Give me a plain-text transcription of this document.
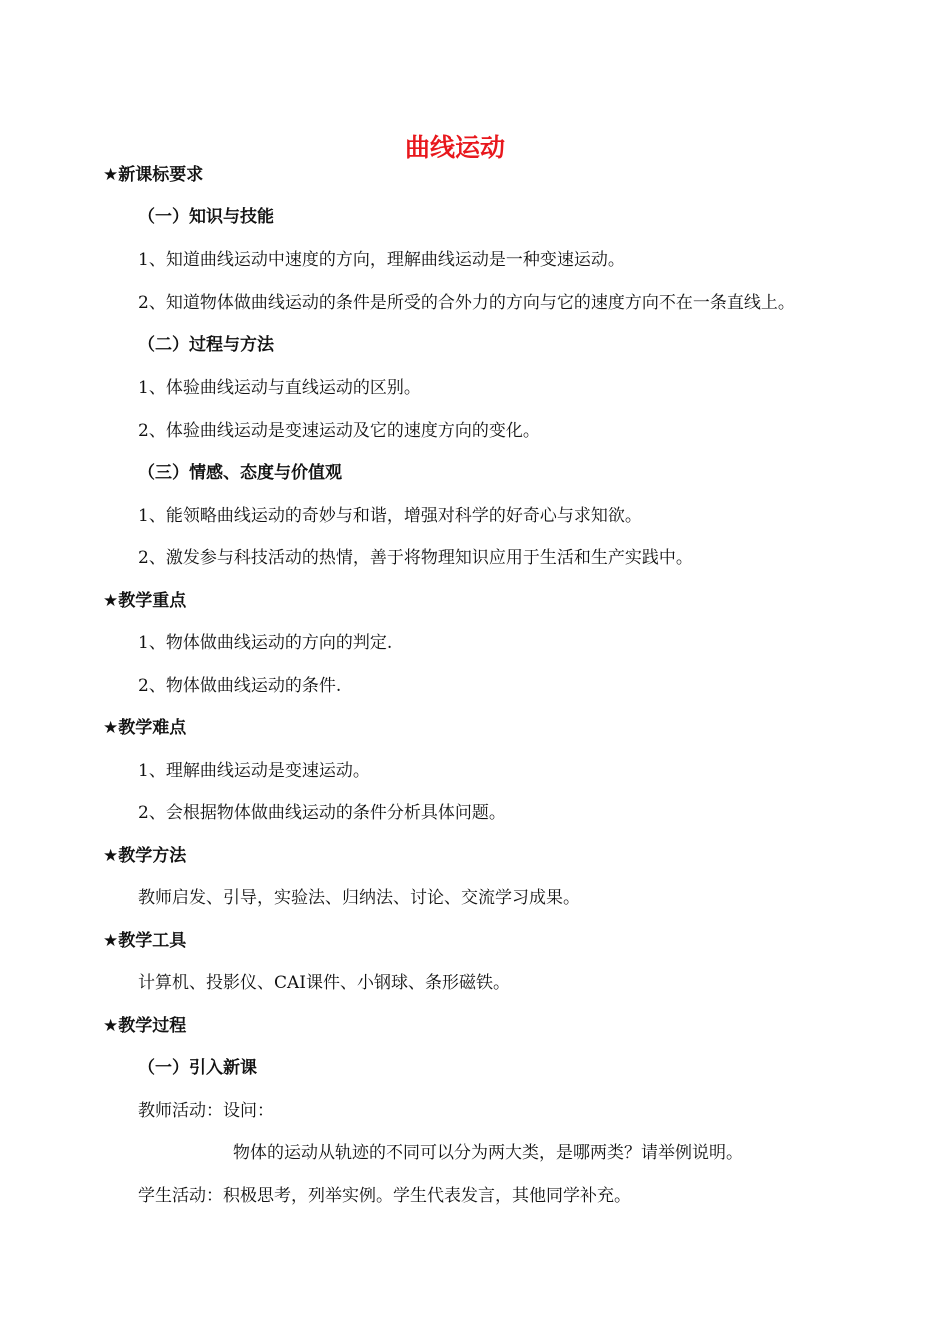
曲线运动
★新课标要求
（一）知识与技能
1、知道曲线运动中速度的方向，理解曲线运动是一种变速运动。
2、知道物体做曲线运动的条件是所受的合外力的方向与它的速度方向不在一条直线上。
（二）过程与方法
1、体验曲线运动与直线运动的区别。
2、体验曲线运动是变速运动及它的速度方向的变化。
（三）情感、态度与价值观
1、能领略曲线运动的奇妙与和谐，增强对科学的好奇心与求知欲。
2、激发参与科技活动的热情，善于将物理知识应用于生活和生产实践中。
★教学重点
1、物体做曲线运动的方向的判定.
2、物体做曲线运动的条件.
★教学难点
1、理解曲线运动是变速运动。
2、会根据物体做曲线运动的条件分析具体问题。
★教学方法
教师启发、引导，实验法、归纳法、讨论、交流学习成果。
★教学工具
计算机、投影仪、CAI课件、小钢球、条形磁铁。
★教学过程
（一）引入新课
教师活动：设问：
物体的运动从轨迹的不同可以分为两大类，是哪两类？请举例说明。
学生活动：积极思考，列举实例。学生代表发言，其他同学补充。
